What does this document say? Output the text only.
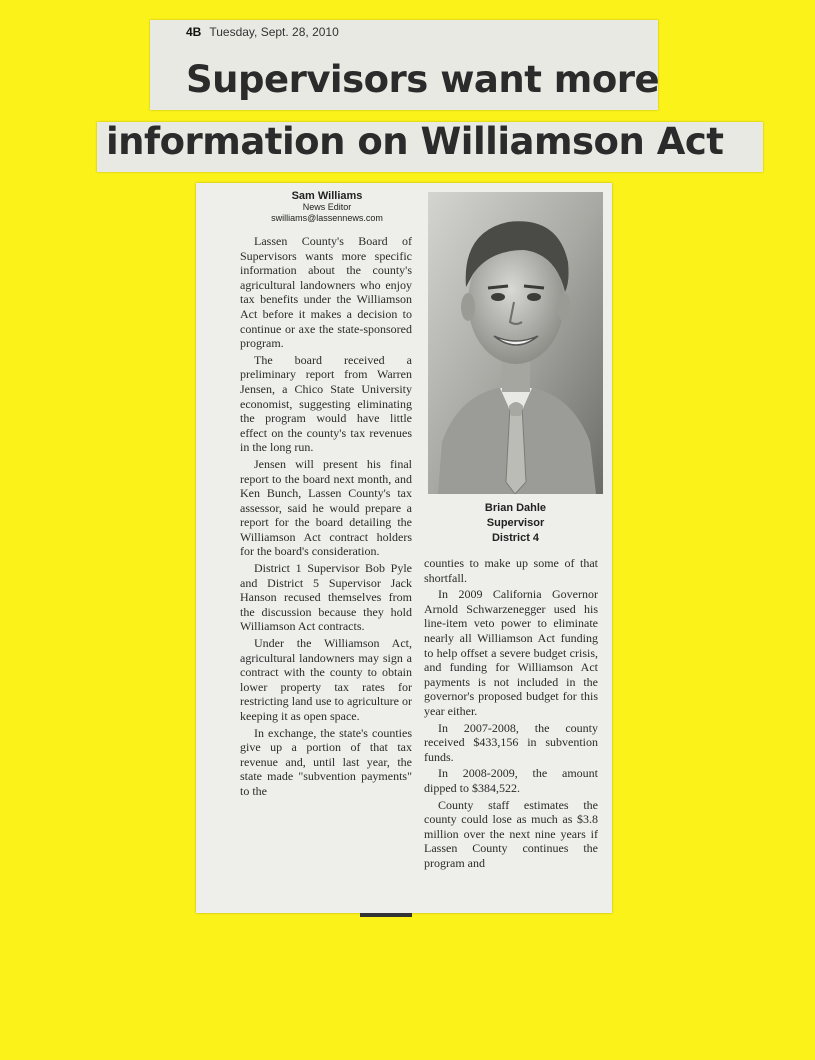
4B Tuesday, Sept. 28, 2010
Supervisors want more
information on Williamson Act
Sam Williams
News Editor
swilliams@lassennews.com

Lassen County's Board of Supervisors wants more specific information about the county's agricultural landowners who enjoy tax benefits under the Williamson Act before it makes a decision to continue or axe the state-sponsored program.

The board received a preliminary report from Warren Jensen, a Chico State University economist, suggesting eliminating the program would have little effect on the county's tax revenues in the long run.

Jensen will present his final report to the board next month, and Ken Bunch, Lassen County's tax assessor, said he would prepare a report for the board detailing the Williamson Act contract holders for the board's consideration.

District 1 Supervisor Bob Pyle and District 5 Supervisor Jack Hanson recused themselves from the discussion because they hold Williamson Act contracts.

Under the Williamson Act, agricultural landowners may sign a contract with the county to obtain lower property tax rates for restricting land use to agriculture or keeping it as open space.

In exchange, the state's counties give up a portion of that tax revenue and, until last year, the state made "subvention payments" to the

Brian Dahle
Supervisor
District 4

counties to make up some of that shortfall.

In 2009 California Governor Arnold Schwarzenegger used his line-item veto power to eliminate nearly all Williamson Act funding to help offset a severe budget crisis, and funding for Williamson Act payments is not included in the governor's proposed budget for this year either.

In 2007-2008, the county received $433,156 in subvention funds.

In 2008-2009, the amount dipped to $384,522.

County staff estimates the county could lose as much as $3.8 million over the next nine years if Lassen County continues the program and
